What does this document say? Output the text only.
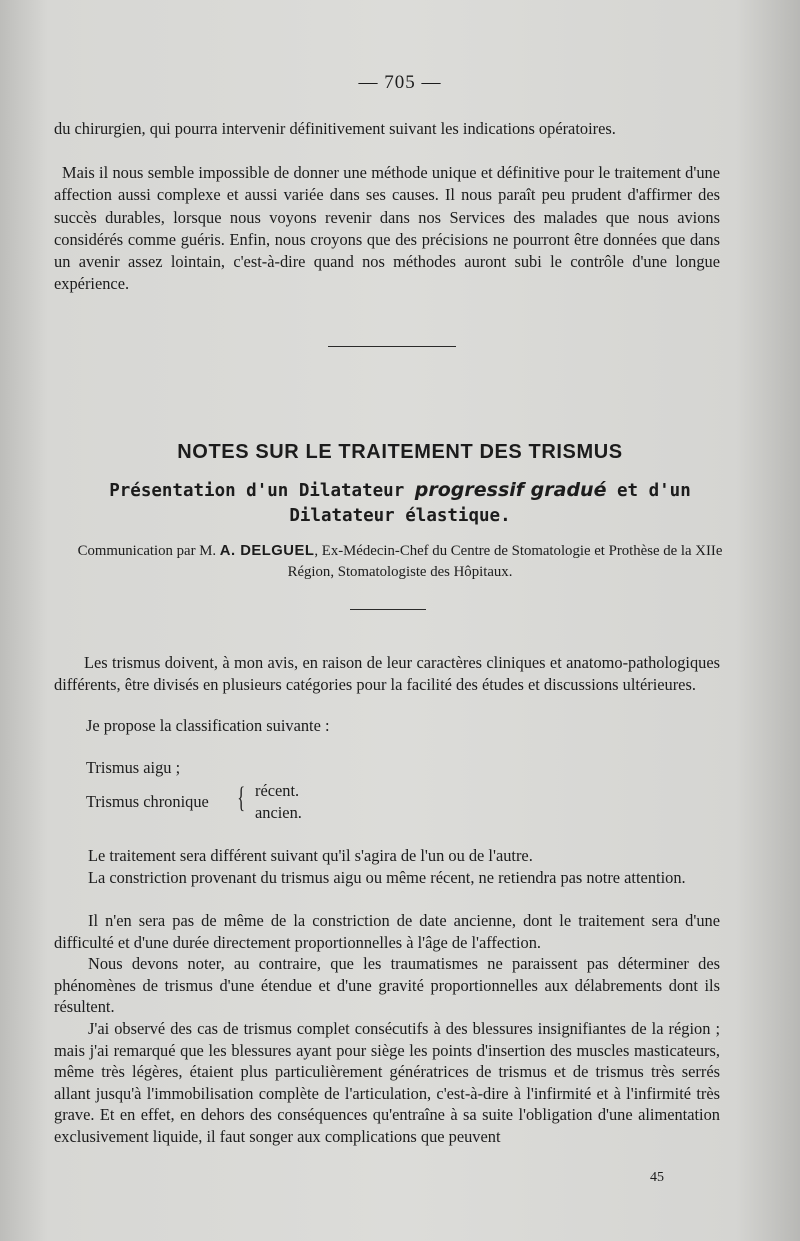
— 705 —
du chirurgien, qui pourra intervenir définitivement suivant les indications opératoires.
Mais il nous semble impossible de donner une méthode unique et définitive pour le traitement d'une affection aussi complexe et aussi variée dans ses causes. Il nous paraît peu prudent d'affirmer des succès durables, lorsque nous voyons revenir dans nos Services des malades que nous avions considérés comme guéris. Enfin, nous croyons que des précisions ne pourront être données que dans un avenir assez lointain, c'est-à-dire quand nos méthodes auront subi le contrôle d'une longue expérience.
NOTES SUR LE TRAITEMENT DES TRISMUS
Présentation d'un Dilatateur progressif gradué et d'un Dilatateur élastique.
Communication par M. A. DELGUEL, Ex-Médecin-Chef du Centre de Stomatologie et Prothèse de la XIIe Région, Stomatologiste des Hôpitaux.
Les trismus doivent, à mon avis, en raison de leur caractères cliniques et anatomo-pathologiques différents, être divisés en plusieurs catégories pour la facilité des études et discussions ultérieures.
Je propose la classification suivante :
Trismus aigu ;
Trismus chronique { récent.
ancien.
Le traitement sera différent suivant qu'il s'agira de l'un ou de l'autre.
La constriction provenant du trismus aigu ou même récent, ne retiendra pas notre attention.
Il n'en sera pas de même de la constriction de date ancienne, dont le traitement sera d'une difficulté et d'une durée directement proportionnelles à l'âge de l'affection.
Nous devons noter, au contraire, que les traumatismes ne paraissent pas déterminer des phénomènes de trismus d'une étendue et d'une gravité proportionnelles aux délabrements dont ils résultent.
J'ai observé des cas de trismus complet consécutifs à des blessures insignifiantes de la région ; mais j'ai remarqué que les blessures ayant pour siège les points d'insertion des muscles masticateurs, même très légères, étaient plus particulièrement génératrices de trismus et de trismus très serrés allant jusqu'à l'immobilisation complète de l'articulation, c'est-à-dire à l'infirmité et à l'infirmité très grave. Et en effet, en dehors des conséquences qu'entraîne à sa suite l'obligation d'une alimentation exclusivement liquide, il faut songer aux complications que peuvent
45
